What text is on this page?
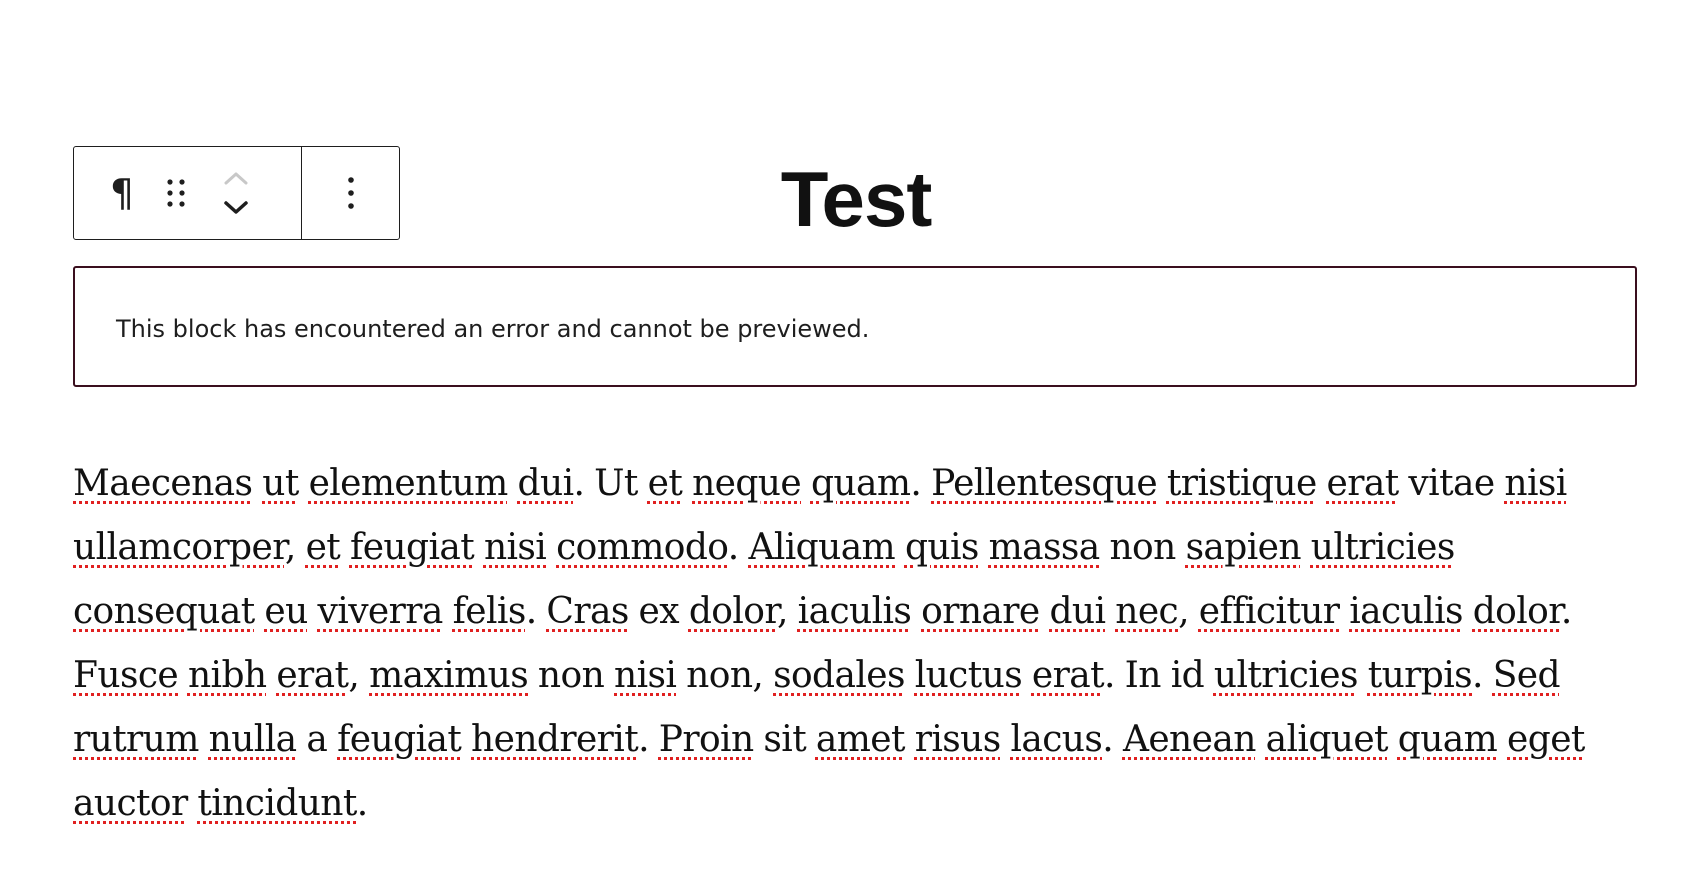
Test
¶
This block has encountered an error and cannot be previewed.
Maecenas ut elementum dui. Ut et neque quam. Pellentesque tristique erat vitae nisi
ullamcorper, et feugiat nisi commodo. Aliquam quis massa non sapien ultricies
consequat eu viverra felis. Cras ex dolor, iaculis ornare dui nec, efficitur iaculis dolor.
Fusce nibh erat, maximus non nisi non, sodales luctus erat. In id ultricies turpis. Sed
rutrum nulla a feugiat hendrerit. Proin sit amet risus lacus. Aenean aliquet quam eget
auctor tincidunt.
